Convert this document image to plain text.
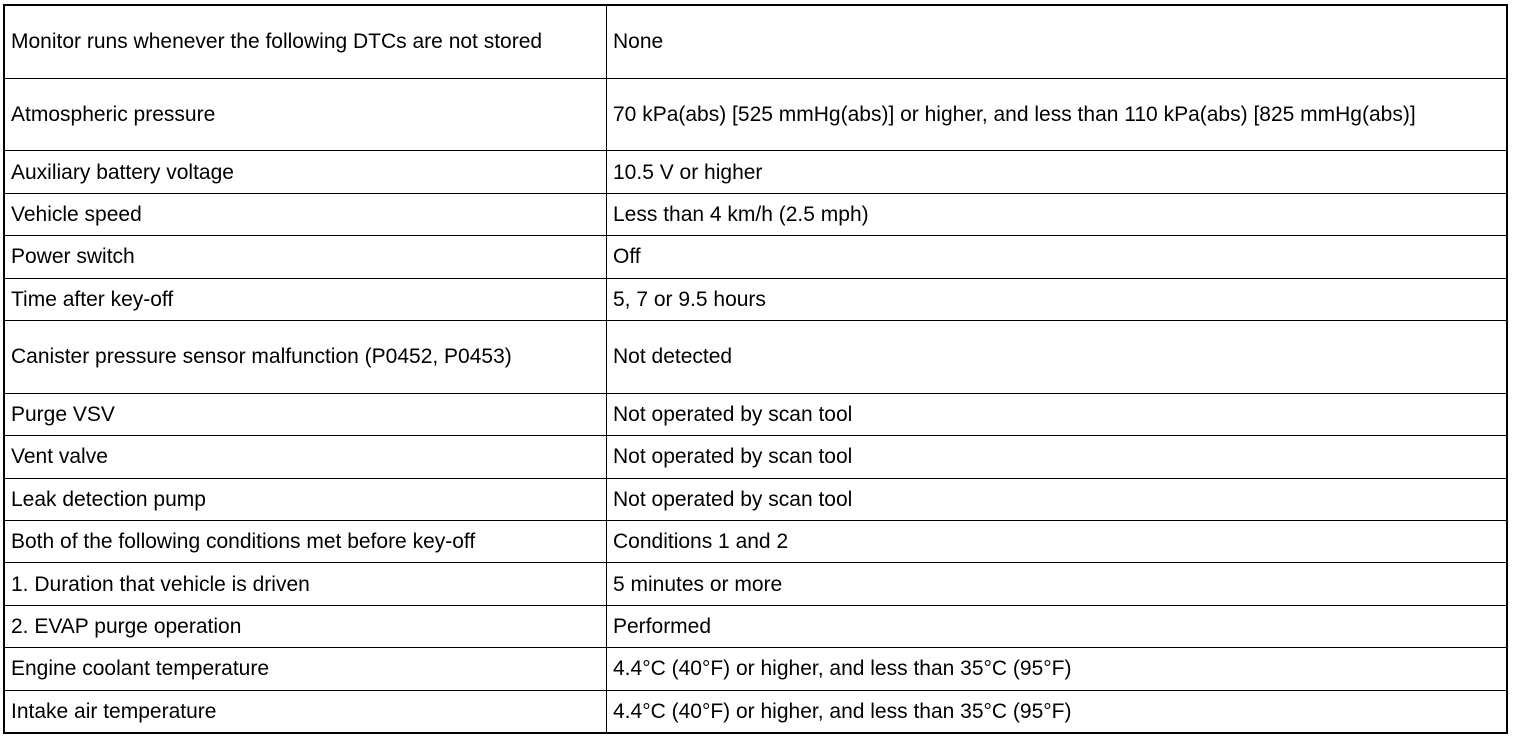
Monitor runs whenever the following DTCs are not stored	None
Atmospheric pressure	70 kPa(abs) [525 mmHg(abs)] or higher, and less than 110 kPa(abs) [825 mmHg(abs)]
Auxiliary battery voltage	10.5 V or higher
Vehicle speed	Less than 4 km/h (2.5 mph)
Power switch	Off
Time after key-off	5, 7 or 9.5 hours
Canister pressure sensor malfunction (P0452, P0453)	Not detected
Purge VSV	Not operated by scan tool
Vent valve	Not operated by scan tool
Leak detection pump	Not operated by scan tool
Both of the following conditions met before key-off	Conditions 1 and 2
1. Duration that vehicle is driven	5 minutes or more
2. EVAP purge operation	Performed
Engine coolant temperature	4.4°C (40°F) or higher, and less than 35°C (95°F)
Intake air temperature	4.4°C (40°F) or higher, and less than 35°C (95°F)
